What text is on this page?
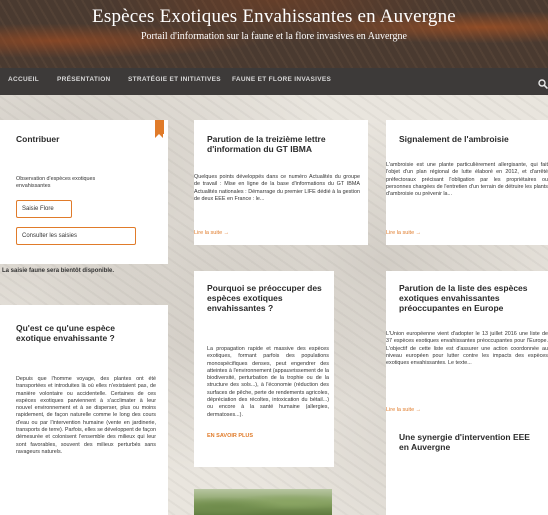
Espèces Exotiques Envahissantes en Auvergne
Portail d'information sur la faune et la flore invasives en Auvergne
ACCUEIL	PRÉSENTATION	STRATÉGIE ET INITIATIVES FAUNE ET FLORE INVASIVES
Contribuer
Observation d'espèces exotiques envahissantes
Saisie Flore
Consulter les saisies
La saisie faune sera bientôt disponible.
Qu'est ce qu'une espèce exotique envahissante ?
Depuis que l'homme voyage, des plantes ont été transportées et introduites là où elles n'existaient pas, de manière volontaire ou accidentelle. Certaines de ces espèces exotiques parviennent à s'acclimater à leur nouvel environnement et à se disperser, plus ou moins rapidement, de façon naturelle comme le long des cours d'eau ou par l'intervention humaine (vente en jardinerie, transports de terre). Parfois, elles se développent de façon démesurée et colonisent l'ensemble des milieux qui leur sont favorables, souvent des milieux perturbés sans ravageurs naturels.
Parution de la treizième lettre d'information du GT IBMA
Quelques points développés dans ce numéro Actualités du groupe de travail : Mise en ligne de la base d'informations du GT IBMA Actualités nationales : Démarrage du premier LIFE dédié à la gestion de deux EEE en France : le...
Lire la suite →
Signalement de l'ambroisie
L'ambroisie est une plante particulièrement allergisante, qui fait l'objet d'un plan régional de lutte élaboré en 2012, et d'arrêté préfectoraux précisant l'obligation par les propriétaires ou personnes chargées de l'entretien d'un terrain de détruire les plants d'ambroisie ou prévenir la...
Lire la suite →
Pourquoi se préoccuper des espèces exotiques envahissantes ?
La propagation rapide et massive des espèces exotiques, formant parfois des populations monospécifiques denses, peut engendrer des atteintes à l'environnement (appauvrissement de la biodiversité, perturbation de la trophie ou de la structure des sols...), à l'économie (réduction des surfaces de pêche, perte de rendements agricoles, dépréciation des récoltes, intoxication du bétail...) ou encore à la santé humaine (allergies, dermatoses...).
EN SAVOIR PLUS
Parution de la liste des espèces exotiques envahissantes préoccupantes en Europe
L'Union européenne vient d'adopter le 13 juillet 2016 une liste de 37 espèces exotiques envahissantes préoccupantes pour l'Europe. L'objectif de cette liste est d'assurer une action coordonnée au niveau européen pour lutter contre les impacts des espèces exotiques envahissantes. Le texte...
Lire la suite →
Une synergie d'intervention EEE en Auvergne
